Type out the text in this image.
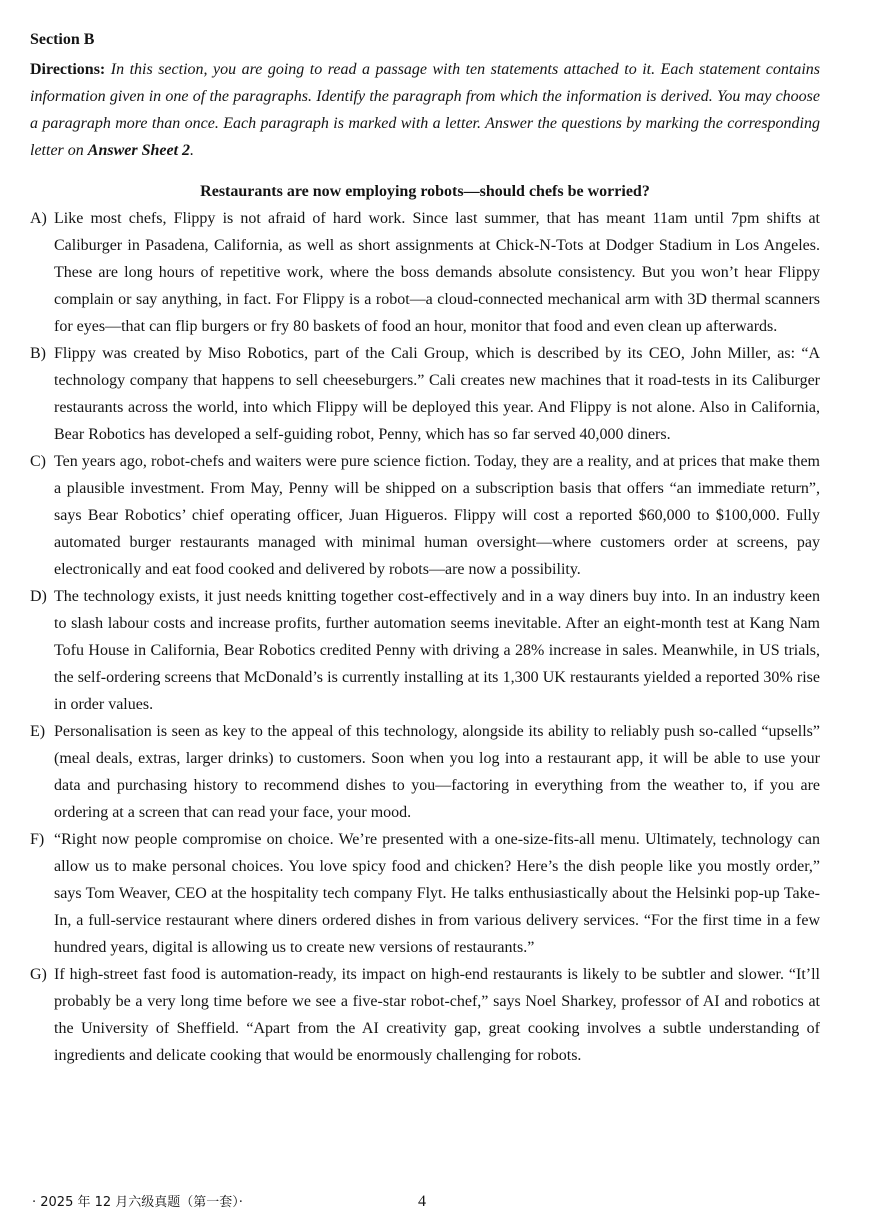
Section B
Directions: In this section, you are going to read a passage with ten statements attached to it. Each statement contains information given in one of the paragraphs. Identify the paragraph from which the information is derived. You may choose a paragraph more than once. Each paragraph is marked with a letter. Answer the questions by marking the corresponding letter on Answer Sheet 2.
Restaurants are now employing robots—should chefs be worried?
A) Like most chefs, Flippy is not afraid of hard work. Since last summer, that has meant 11am until 7pm shifts at Caliburger in Pasadena, California, as well as short assignments at Chick-N-Tots at Dodger Stadium in Los Angeles. These are long hours of repetitive work, where the boss demands absolute consistency. But you won’t hear Flippy complain or say anything, in fact. For Flippy is a robot—a cloud-connected mechanical arm with 3D thermal scanners for eyes—that can flip burgers or fry 80 baskets of food an hour, monitor that food and even clean up afterwards.
B) Flippy was created by Miso Robotics, part of the Cali Group, which is described by its CEO, John Miller, as: “A technology company that happens to sell cheeseburgers.” Cali creates new machines that it road-tests in its Caliburger restaurants across the world, into which Flippy will be deployed this year. And Flippy is not alone. Also in California, Bear Robotics has developed a self-guiding robot, Penny, which has so far served 40,000 diners.
C) Ten years ago, robot-chefs and waiters were pure science fiction. Today, they are a reality, and at prices that make them a plausible investment. From May, Penny will be shipped on a subscription basis that offers “an immediate return”, says Bear Robotics’ chief operating officer, Juan Higueros. Flippy will cost a reported $60,000 to $100,000. Fully automated burger restaurants managed with minimal human oversight—where customers order at screens, pay electronically and eat food cooked and delivered by robots—are now a possibility.
D) The technology exists, it just needs knitting together cost-effectively and in a way diners buy into. In an industry keen to slash labour costs and increase profits, further automation seems inevitable. After an eight-month test at Kang Nam Tofu House in California, Bear Robotics credited Penny with driving a 28% increase in sales. Meanwhile, in US trials, the self-ordering screens that McDonald’s is currently installing at its 1,300 UK restaurants yielded a reported 30% rise in order values.
E) Personalisation is seen as key to the appeal of this technology, alongside its ability to reliably push so-called “upsells” (meal deals, extras, larger drinks) to customers. Soon when you log into a restaurant app, it will be able to use your data and purchasing history to recommend dishes to you—factoring in everything from the weather to, if you are ordering at a screen that can read your face, your mood.
F) “Right now people compromise on choice. We’re presented with a one-size-fits-all menu. Ultimately, technology can allow us to make personal choices. You love spicy food and chicken? Here’s the dish people like you mostly order,” says Tom Weaver, CEO at the hospitality tech company Flyt. He talks enthusiastically about the Helsinki pop-up Take-In, a full-service restaurant where diners ordered dishes in from various delivery services. “For the first time in a few hundred years, digital is allowing us to create new versions of restaurants.”
G) If high-street fast food is automation-ready, its impact on high-end restaurants is likely to be subtler and slower. “It’ll probably be a very long time before we see a five-star robot-chef,” says Noel Sharkey, professor of AI and robotics at the University of Sheffield. “Apart from the AI creativity gap, great cooking involves a subtle understanding of ingredients and delicate cooking that would be enormously challenging for robots.
· 2025 年 12 月六级真题（第一套）·	4
